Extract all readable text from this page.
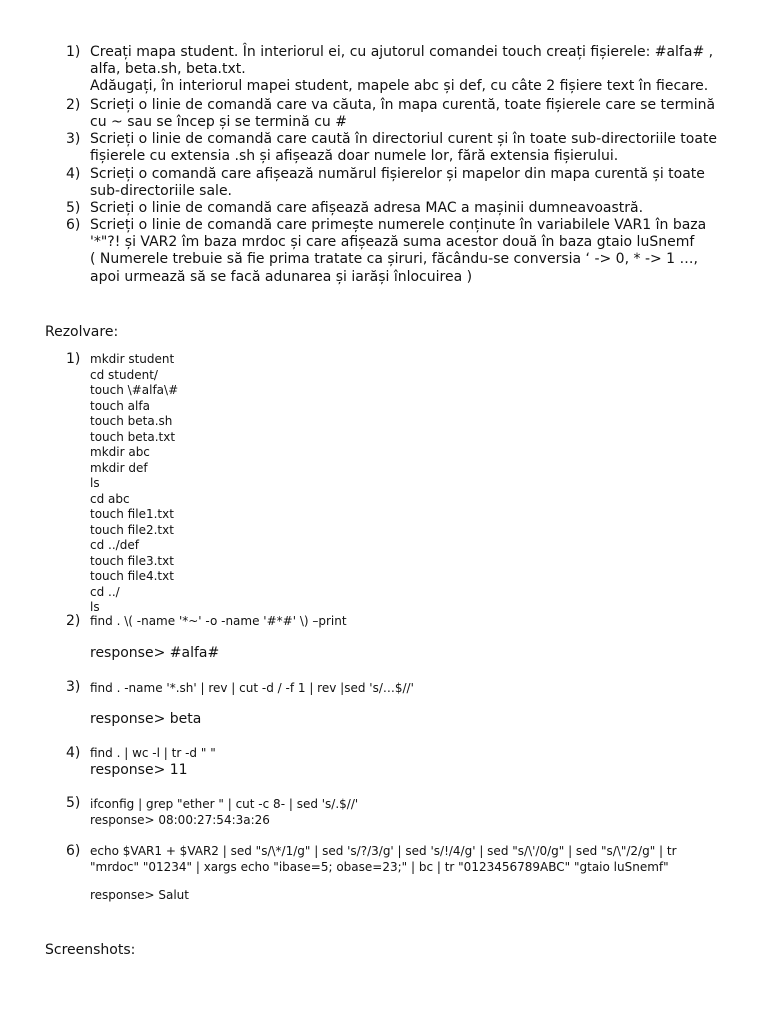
1) Creați mapa student. În interiorul ei, cu ajutorul comandei touch creați fișierele: #alfa# ,
alfa, beta.sh, beta.txt.
Adăugați, în interiorul mapei student, mapele abc și def, cu câte 2 fișiere text în fiecare.
2) Scrieți o linie de comandă care va căuta, în mapa curentă, toate fișierele care se termină
cu ~ sau se încep și se termină cu #
3) Scrieți o linie de comandă care caută în directoriul curent și în toate sub-directoriile toate
fișierele cu extensia .sh și afișează doar numele lor, fără extensia fișierului.
4) Scrieți o comandă care afișează numărul fișierelor și mapelor din mapa curentă și toate
sub-directoriile sale.
5) Scrieți o linie de comandă care afișează adresa MAC a mașinii dumneavoastră.
6) Scrieți o linie de comandă care primește numerele conținute în variabilele VAR1 în baza
'*"?! și VAR2 îm baza mrdoc și care afișează suma acestor două în baza gtaio luSnemf
( Numerele trebuie să fie prima tratate ca șiruri, făcându-se conversia ‘ -> 0, * -> 1 …,
apoi urmează să se facă adunarea și iarăși înlocuirea )
Rezolvare:
1) mkdir student
cd student/
touch \#alfa\#
touch alfa
touch beta.sh
touch beta.txt
mkdir abc
mkdir def
ls
cd abc
touch file1.txt
touch file2.txt
cd ../def
touch file3.txt
touch file4.txt
cd ../
ls
2) find . \( -name '*~' -o -name '#*#' \) –print
response> #alfa#
3) find . -name '*.sh' | rev | cut -d / -f 1 | rev |sed 's/…$//'
response> beta
4) find . | wc -l | tr -d " "
response> 11
5) ifconfig | grep "ether " | cut -c 8- | sed 's/.$//'
response> 08:00:27:54:3a:26
6) echo $VAR1 + $VAR2 | sed "s/\*/1/g" | sed 's/?/3/g' | sed 's/!/4/g' | sed "s/\'/0/g" | sed "s/\"/2/g" | tr
"mrdoc" "01234" | xargs echo "ibase=5; obase=23;" | bc | tr "0123456789ABC" "gtaio luSnemf"
response> Salut
Screenshots:
